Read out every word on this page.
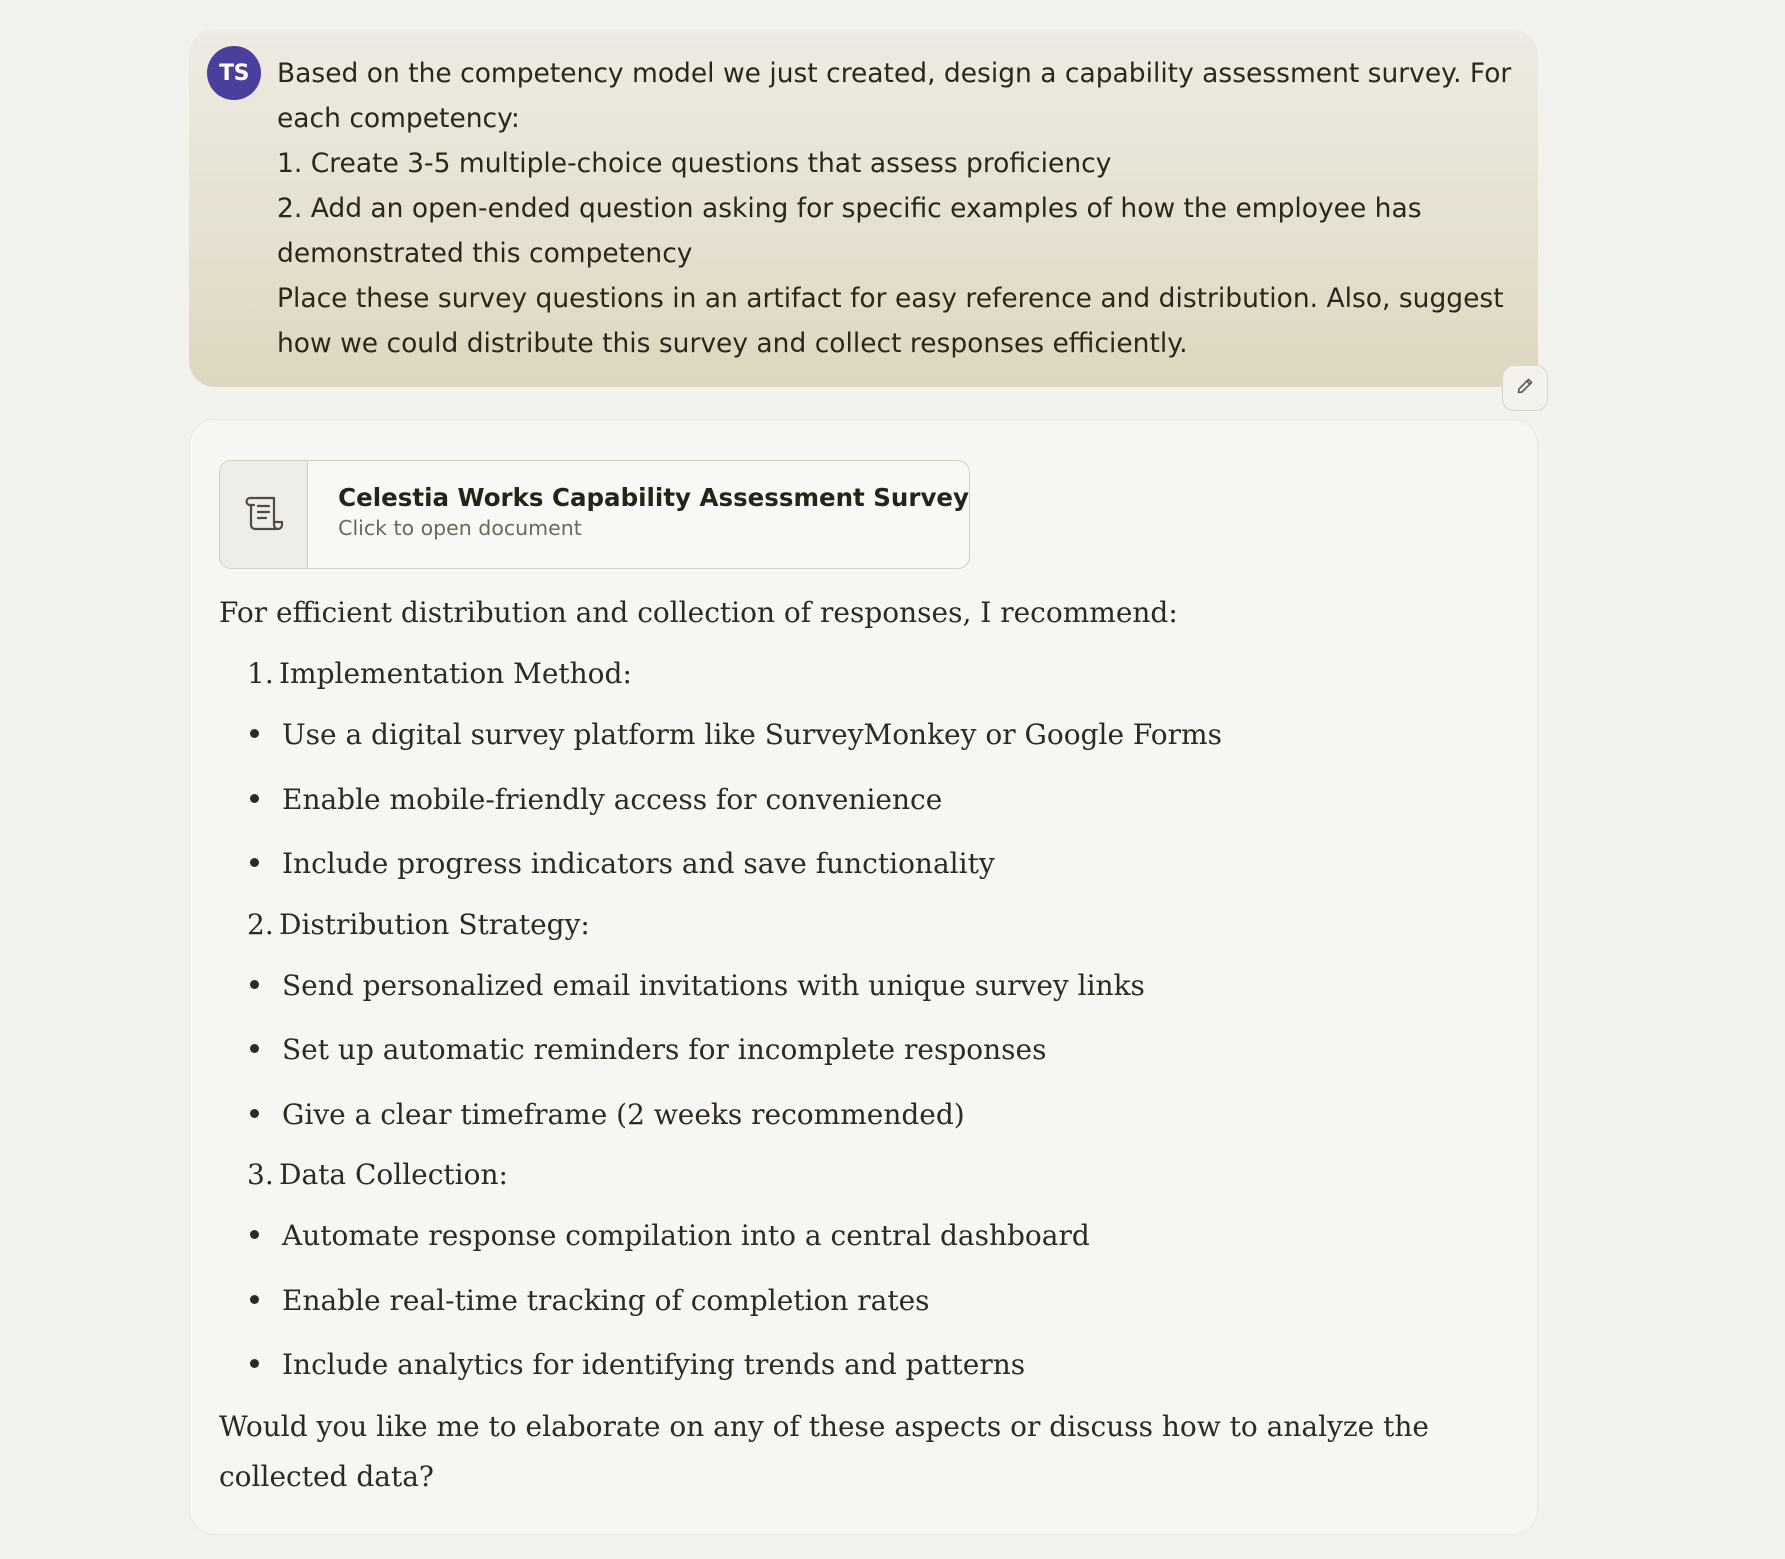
TS	Based on the competency model we just created, design a capability assessment survey. For
each competency:
1. Create 3-5 multiple-choice questions that assess proficiency
2. Add an open-ended question asking for specific examples of how the employee has
demonstrated this competency
Place these survey questions in an artifact for easy reference and distribution. Also, suggest
how we could distribute this survey and collect responses efficiently.
Celestia Works Capability Assessment Survey
Click to open document
For efficient distribution and collection of responses, I recommend:
1. Implementation Method:
Use a digital survey platform like SurveyMonkey or Google Forms
Enable mobile-friendly access for convenience
Include progress indicators and save functionality
2. Distribution Strategy:
Send personalized email invitations with unique survey links
Set up automatic reminders for incomplete responses
Give a clear timeframe (2 weeks recommended)
3. Data Collection:
Automate response compilation into a central dashboard
Enable real-time tracking of completion rates
Include analytics for identifying trends and patterns
Would you like me to elaborate on any of these aspects or discuss how to analyze the
collected data?
